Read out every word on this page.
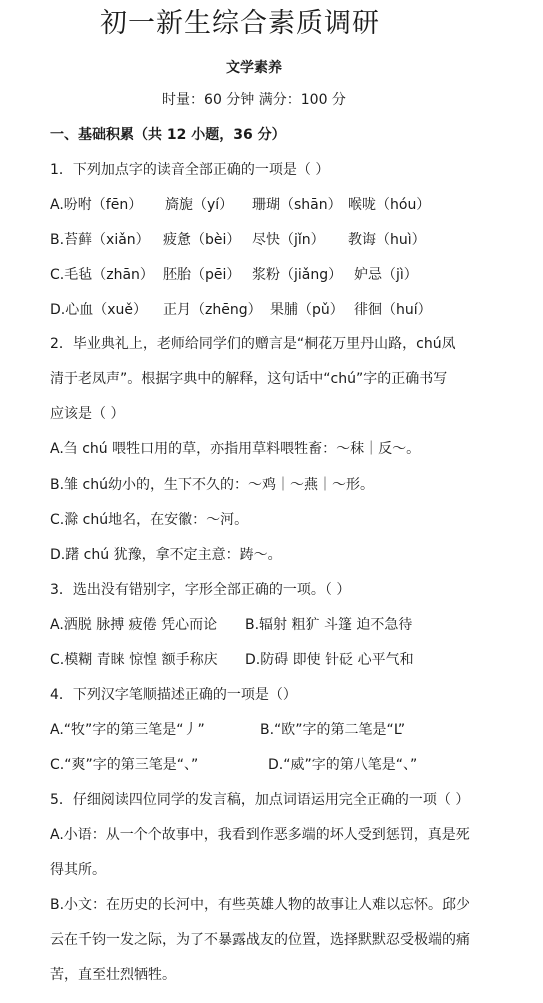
初一新生综合素质调研
文学素养
时量：60 分钟 满分：100 分
一、基础积累（共 12 小题，36 分）
1．下列加点字的读音全部正确的一项是（ ）
A.吩咐（fēn） 旖旎（yí） 珊瑚（shān） 喉咙（hóu）
B.苔藓（xiǎn） 疲惫（bèi） 尽快（jǐn） 教诲（huì）
C.毛毡（zhān） 胚胎（pēi） 浆粉（jiǎng） 妒忌（jì）
D.心血（xuě） 正月（zhēng） 果脯（pǔ） 徘徊（huí）
2．毕业典礼上，老师给同学们的赠言是“桐花万里丹山路，chú凤
清于老凤声”。根据字典中的解释，这句话中“chú”字的正确书写
应该是（ ）
A.刍 chú 喂牲口用的草，亦指用草料喂牲畜：～秣｜反～。
B.雏 chú幼小的，生下不久的：～鸡｜～燕｜～形。
C.滁 chú地名，在安徽：～河。
D.躇 chú 犹豫，拿不定主意：踌～。
3．选出没有错别字，字形全部正确的一项。（ ）
A.洒脱 脉搏 疲倦 凭心而论 B.辐射 粗犷 斗篷 迫不急待
C.模糊 青睐 惊惶 额手称庆 D.防碍 即使 针砭 心平气和
4．下列汉字笔顺描述正确的一项是（）
A.“牧”字的第三笔是“丿”	B.“欧”字的第二笔是“L”
C.“爽”字的第三笔是“、”	D.“威”字的第八笔是“、”
5．仔细阅读四位同学的发言稿，加点词语运用完全正确的一项（ ）
A.小语：从一个个故事中，我看到作恶多端的坏人受到惩罚，真是死
得其所。
B.小文：在历史的长河中，有些英雄人物的故事让人难以忘怀。邱少
云在千钧一发之际，为了不暴露战友的位置，选择默默忍受极端的痛
苦，直至壮烈牺牲。
